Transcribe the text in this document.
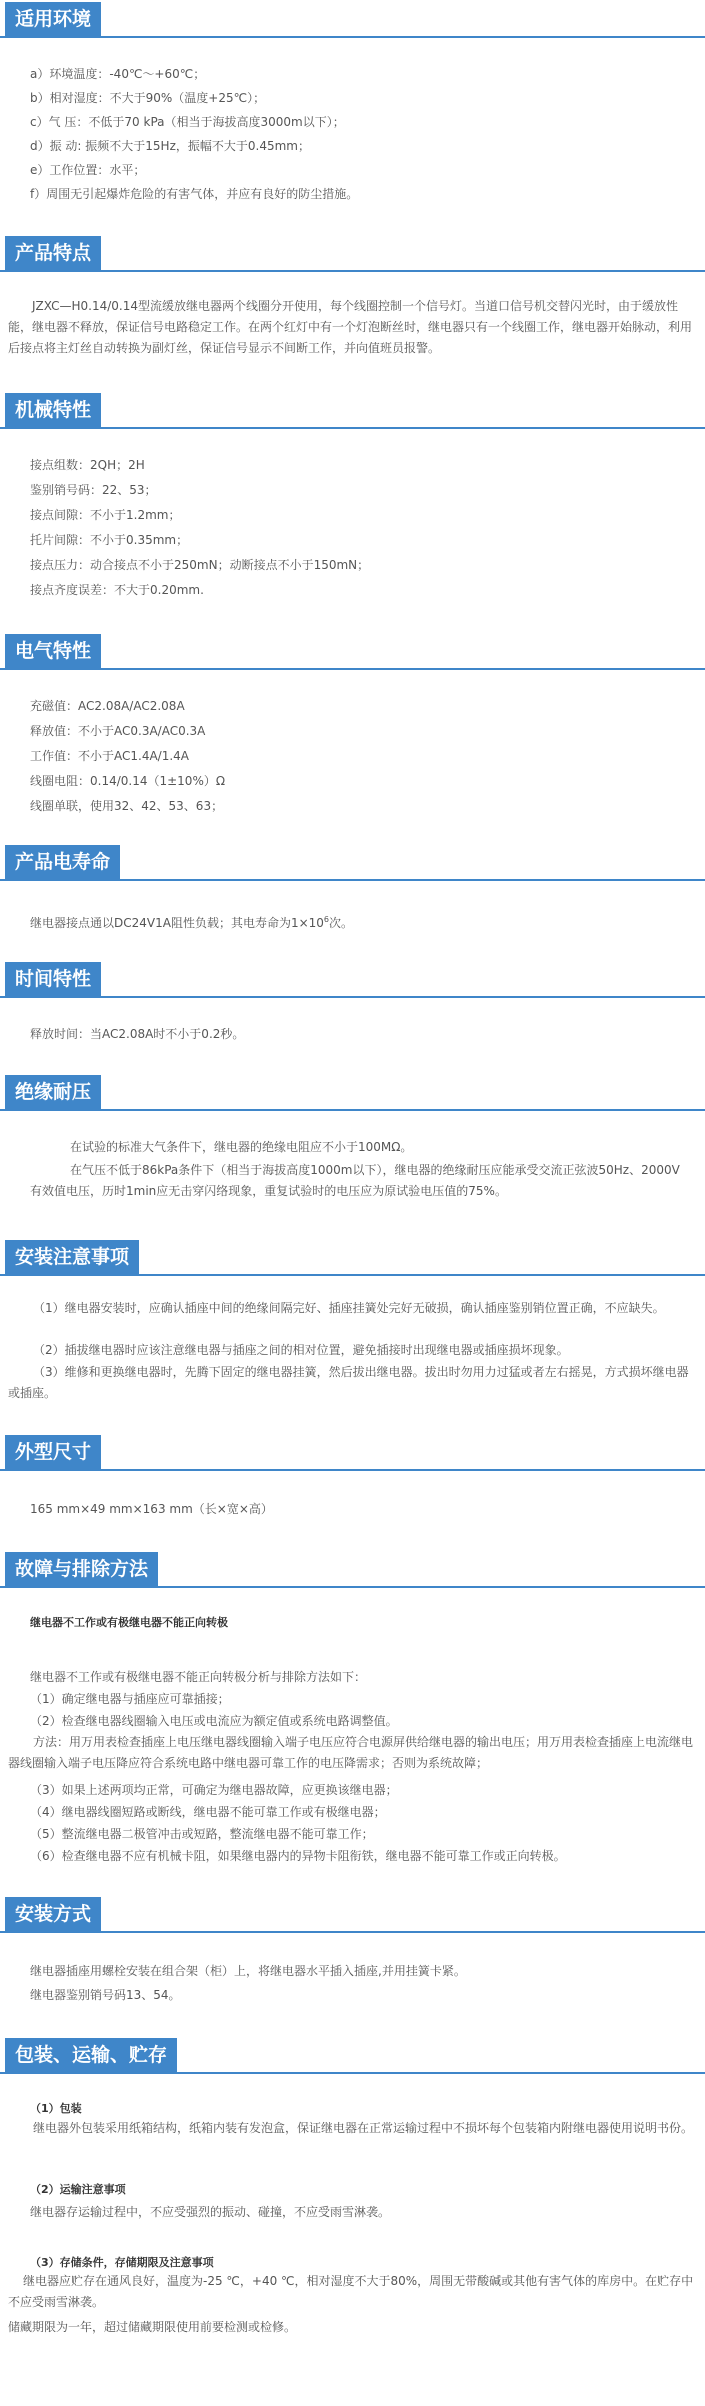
适用环境
a）环境温度：-40℃～+60℃；
b）相对湿度：不大于90%（温度+25℃）；
c）气 压：不低于70 kPa（相当于海拔高度3000m以下）；
d）振 动: 振频不大于15Hz，振幅不大于0.45mm；
e）工作位置：水平；
f）周围无引起爆炸危险的有害气体，并应有良好的防尘措施。
产品特点
JZXC—H0.14/0.14型流缓放继电器两个线圈分开使用，每个线圈控制一个信号灯。当道口信号机交替闪光时，由于缓放性能，继电器不释放，保证信号电路稳定工作。在两个红灯中有一个灯泡断丝时，继电器只有一个线圈工作，继电器开始脉动，利用后接点将主灯丝自动转换为副灯丝，保证信号显示不间断工作，并向值班员报警。
机械特性
接点组数：2QH；2H
鉴别销号码：22、53；
接点间隙：不小于1.2mm；
托片间隙：不小于0.35mm；
接点压力：动合接点不小于250mN；动断接点不小于150mN；
接点齐度误差：不大于0.20mm.
电气特性
充磁值：AC2.08A/AC2.08A
释放值：不小于AC0.3A/AC0.3A
工作值：不小于AC1.4A/1.4A
线圈电阻：0.14/0.14（1±10%）Ω
线圈单联，使用32、42、53、63；
产品电寿命
继电器接点通以DC24V1A阻性负载；其电寿命为$1\times 10^6$次。
时间特性
释放时间：当AC2.08A时不小于0.2秒。
绝缘耐压
在试验的标准大气条件下，继电器的绝缘电阻应不小于100MΩ。
在气压不低于86kPa条件下（相当于海拔高度1000m以下），继电器的绝缘耐压应能承受交流正弦波50Hz、2000V有效值电压，历时1min应无击穿闪络现象，重复试验时的电压应为原试验电压值的75%。
安装注意事项
（1）继电器安装时，应确认插座中间的绝缘间隔完好、插座挂簧处完好无破损，确认插座鉴别销位置正确，不应缺失。
（2）插拔继电器时应该注意继电器与插座之间的相对位置，避免插接时出现继电器或插座损坏现象。
（3）维修和更换继电器时，先腾下固定的继电器挂簧，然后拔出继电器。拔出时勿用力过猛或者左右摇晃，方式损坏继电器或插座。
外型尺寸
165 mm×49 mm×163 mm（长×宽×高）
故障与排除方法
继电器不工作或有极继电器不能正向转极
继电器不工作或有极继电器不能正向转极分析与排除方法如下：
（1）确定继电器与插座应可靠插接；
（2）检查继电器线圈输入电压或电流应为额定值或系统电路调整值。
方法：用万用表检查插座上电压继电器线圈输入端子电压应符合电源屏供给继电器的输出电压；用万用表检查插座上电流继电器线圈输入端子电压降应符合系统电路中继电器可靠工作的电压降需求；否则为系统故障；
（3）如果上述两项均正常，可确定为继电器故障，应更换该继电器；
（4）继电器线圈短路或断线，继电器不能可靠工作或有极继电器；
（5）整流继电器二极管冲击或短路，整流继电器不能可靠工作；
（6）检查继电器不应有机械卡阻，如果继电器内的异物卡阻衔铁，继电器不能可靠工作或正向转极。
安装方式
继电器插座用螺栓安装在组合架（柜）上，将继电器水平插入插座,并用挂簧卡紧。
继电器鉴别销号码13、54。
包装、运输、贮存
（1）包装
继电器外包装采用纸箱结构，纸箱内装有发泡盒，保证继电器在正常运输过程中不损坏每个包装箱内附继电器使用说明书份。
（2）运输注意事项
继电器存运输过程中，不应受强烈的振动、碰撞，不应受雨雪淋袭。
（3）存储条件，存储期限及注意事项
继电器应贮存在通风良好，温度为-25 ℃，+40 ℃，相对湿度不大于80%，周围无带酸碱或其他有害气体的库房中。在贮存中不应受雨雪淋袭。
储藏期限为一年，超过储藏期限使用前要检测或检修。
